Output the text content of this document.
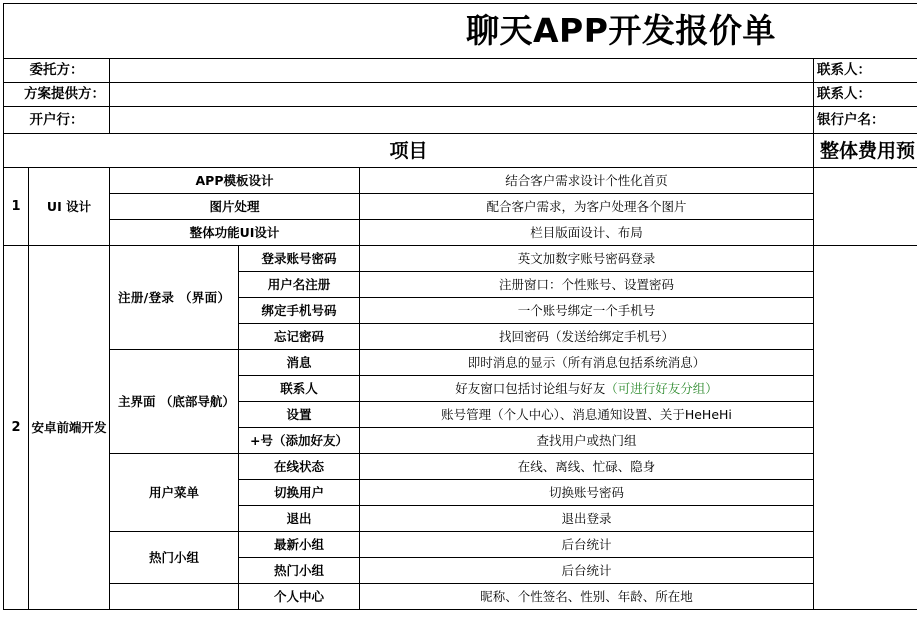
聊天APP开发报价单					
委托方：					联系人：
方案提供方：					联系人：
开户行：					银行户名：
项目					整体费用预
1	UI 设计	APP模板设计		结合客户需求设计个性化首页	
		图片处理		配合客户需求，为客户处理各个图片	
		整体功能UI设计		栏目版面设计、布局	
2	安卓前端开发	注册/登录 （界面）	登录账号密码	英文加数字账号密码登录	
			用户名注册	注册窗口：个性账号、设置密码	
			绑定手机号码	一个账号绑定一个手机号	
			忘记密码	找回密码（发送给绑定手机号）	
		主界面 （底部导航）	消息	即时消息的显示（所有消息包括系统消息）	
			联系人	好友窗口包括讨论组与好友（可进行好友分组）	
			设置	账号管理（个人中心）、消息通知设置、关于HeHeHi	
			+号（添加好友）	查找用户或热门组	
		用户菜单	在线状态	在线、离线、忙碌、隐身	
			切换用户	切换账号密码	
			退出	退出登录	
		热门小组	最新小组	后台统计	
			热门小组	后台统计	
			个人中心	昵称、个性签名、性别、年龄、所在地	
